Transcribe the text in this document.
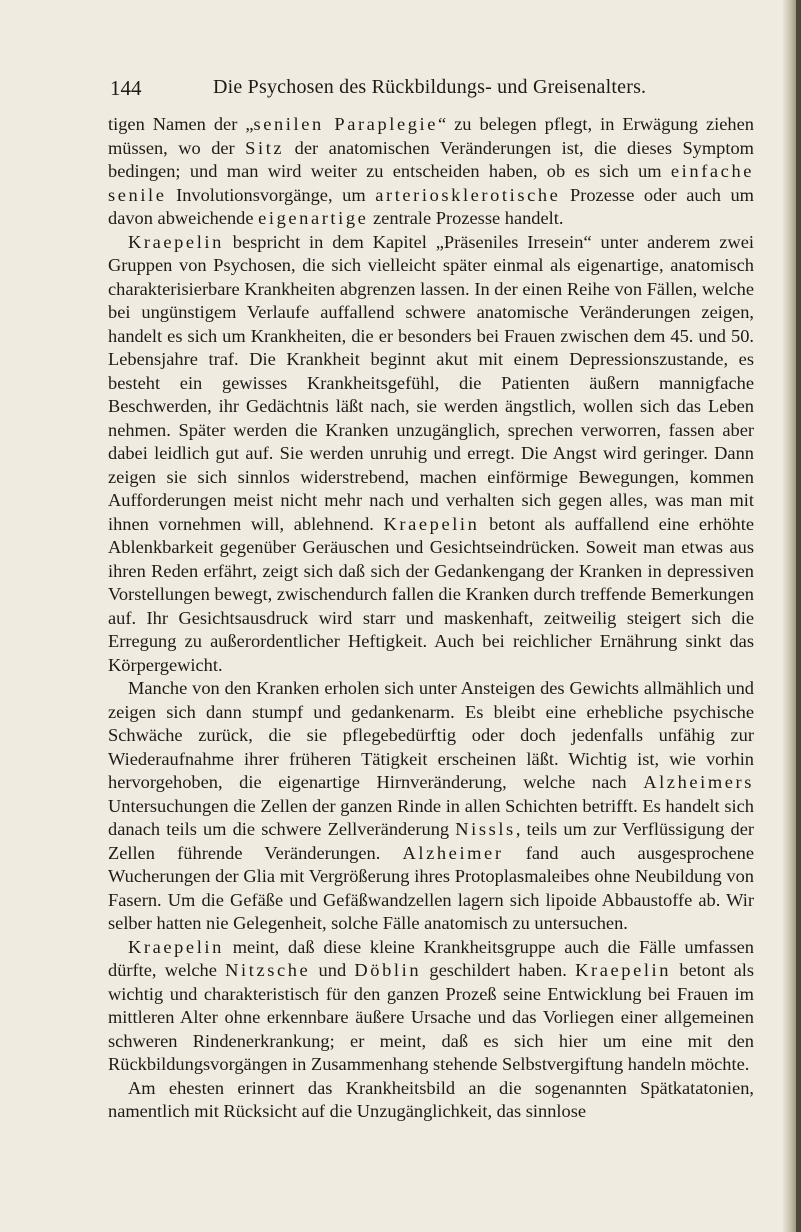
144	Die Psychosen des Rückbildungs- und Greisenalters.

tigen Namen der „senilen Paraplegie“ zu belegen pflegt, in Erwägung ziehen müssen, wo der Sitz der anatomischen Veränderungen ist, die dieses Symptom bedingen; und man wird weiter zu entscheiden haben, ob es sich um einfache senile Involutionsvorgänge, um arteriosklerotische Prozesse oder auch um davon abweichende eigenartige zentrale Prozesse handelt.

Kraepelin bespricht in dem Kapitel „Präseniles Irresein“ unter anderem zwei Gruppen von Psychosen, die sich vielleicht später einmal als eigenartige, anatomisch charakterisierbare Krankheiten abgrenzen lassen. In der einen Reihe von Fällen, welche bei ungünstigem Verlaufe auffallend schwere anatomische Veränderungen zeigen, handelt es sich um Krankheiten, die er besonders bei Frauen zwischen dem 45. und 50. Lebensjahre traf. Die Krankheit beginnt akut mit einem Depressionszustande, es besteht ein gewisses Krankheitsgefühl, die Patienten äußern mannigfache Beschwerden, ihr Gedächtnis läßt nach, sie werden ängstlich, wollen sich das Leben nehmen. Später werden die Kranken unzugänglich, sprechen verworren, fassen aber dabei leidlich gut auf. Sie werden unruhig und erregt. Die Angst wird geringer. Dann zeigen sie sich sinnlos widerstrebend, machen einförmige Bewegungen, kommen Aufforderungen meist nicht mehr nach und verhalten sich gegen alles, was man mit ihnen vornehmen will, ablehnend. Kraepelin betont als auffallend eine erhöhte Ablenkbarkeit gegenüber Geräuschen und Gesichtseindrücken. Soweit man etwas aus ihren Reden erfährt, zeigt sich daß sich der Gedankengang der Kranken in depressiven Vorstellungen bewegt, zwischendurch fallen die Kranken durch treffende Bemerkungen auf. Ihr Gesichtsausdruck wird starr und maskenhaft, zeitweilig steigert sich die Erregung zu außerordentlicher Heftigkeit. Auch bei reichlicher Ernährung sinkt das Körpergewicht.

Manche von den Kranken erholen sich unter Ansteigen des Gewichts allmählich und zeigen sich dann stumpf und gedankenarm. Es bleibt eine erhebliche psychische Schwäche zurück, die sie pflegebedürftig oder doch jedenfalls unfähig zur Wiederaufnahme ihrer früheren Tätigkeit erscheinen läßt. Wichtig ist, wie vorhin hervorgehoben, die eigenartige Hirnveränderung, welche nach Alzheimers Untersuchungen die Zellen der ganzen Rinde in allen Schichten betrifft. Es handelt sich danach teils um die schwere Zellveränderung Nissls, teils um zur Verflüssigung der Zellen führende Veränderungen. Alzheimer fand auch ausgesprochene Wucherungen der Glia mit Vergrößerung ihres Protoplasmaleibes ohne Neubildung von Fasern. Um die Gefäße und Gefäßwandzellen lagern sich lipoide Abbaustoffe ab. Wir selber hatten nie Gelegenheit, solche Fälle anatomisch zu untersuchen.

Kraepelin meint, daß diese kleine Krankheitsgruppe auch die Fälle umfassen dürfte, welche Nitzsche und Döblin geschildert haben. Kraepelin betont als wichtig und charakteristisch für den ganzen Prozeß seine Entwicklung bei Frauen im mittleren Alter ohne erkennbare äußere Ursache und das Vorliegen einer allgemeinen schweren Rindenerkrankung; er meint, daß es sich hier um eine mit den Rückbildungsvorgängen in Zusammenhang stehende Selbstvergiftung handeln möchte.

Am ehesten erinnert das Krankheitsbild an die sogenannten Spätkatatonien, namentlich mit Rücksicht auf die Unzugänglichkeit, das sinnlose
